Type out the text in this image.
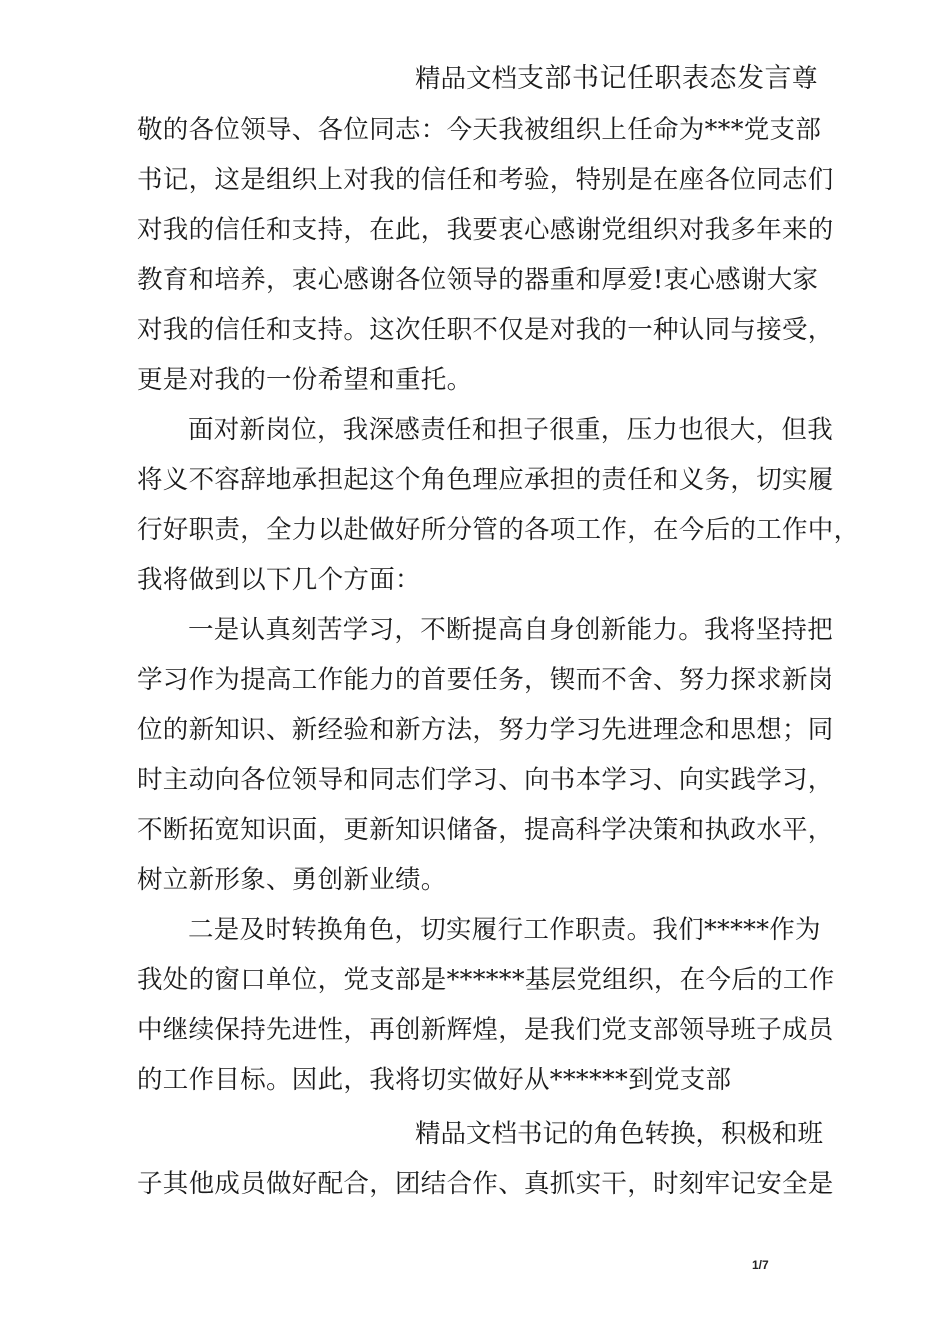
精品文档支部书记任职表态发言尊
敬的各位领导、各位同志：今天我被组织上任命为***党支部
书记，这是组织上对我的信任和考验，特别是在座各位同志们
对我的信任和支持，在此，我要衷心感谢党组织对我多年来的
教育和培养，衷心感谢各位领导的器重和厚爱!衷心感谢大家
对我的信任和支持。这次任职不仅是对我的一种认同与接受，
更是对我的一份希望和重托。
面对新岗位，我深感责任和担子很重，压力也很大，但我
将义不容辞地承担起这个角色理应承担的责任和义务，切实履
行好职责，全力以赴做好所分管的各项工作，在今后的工作中，
我将做到以下几个方面：
一是认真刻苦学习，不断提高自身创新能力。我将坚持把
学习作为提高工作能力的首要任务，锲而不舍、努力探求新岗
位的新知识、新经验和新方法，努力学习先进理念和思想；同
时主动向各位领导和同志们学习、向书本学习、向实践学习，
不断拓宽知识面，更新知识储备，提高科学决策和执政水平，
树立新形象、勇创新业绩。
二是及时转换角色，切实履行工作职责。我们*****作为
我处的窗口单位，党支部是******基层党组织，在今后的工作
中继续保持先进性，再创新辉煌，是我们党支部领导班子成员
的工作目标。因此，我将切实做好从******到党支部
精品文档书记的角色转换，积极和班
子其他成员做好配合，团结合作、真抓实干，时刻牢记安全是
1/7
